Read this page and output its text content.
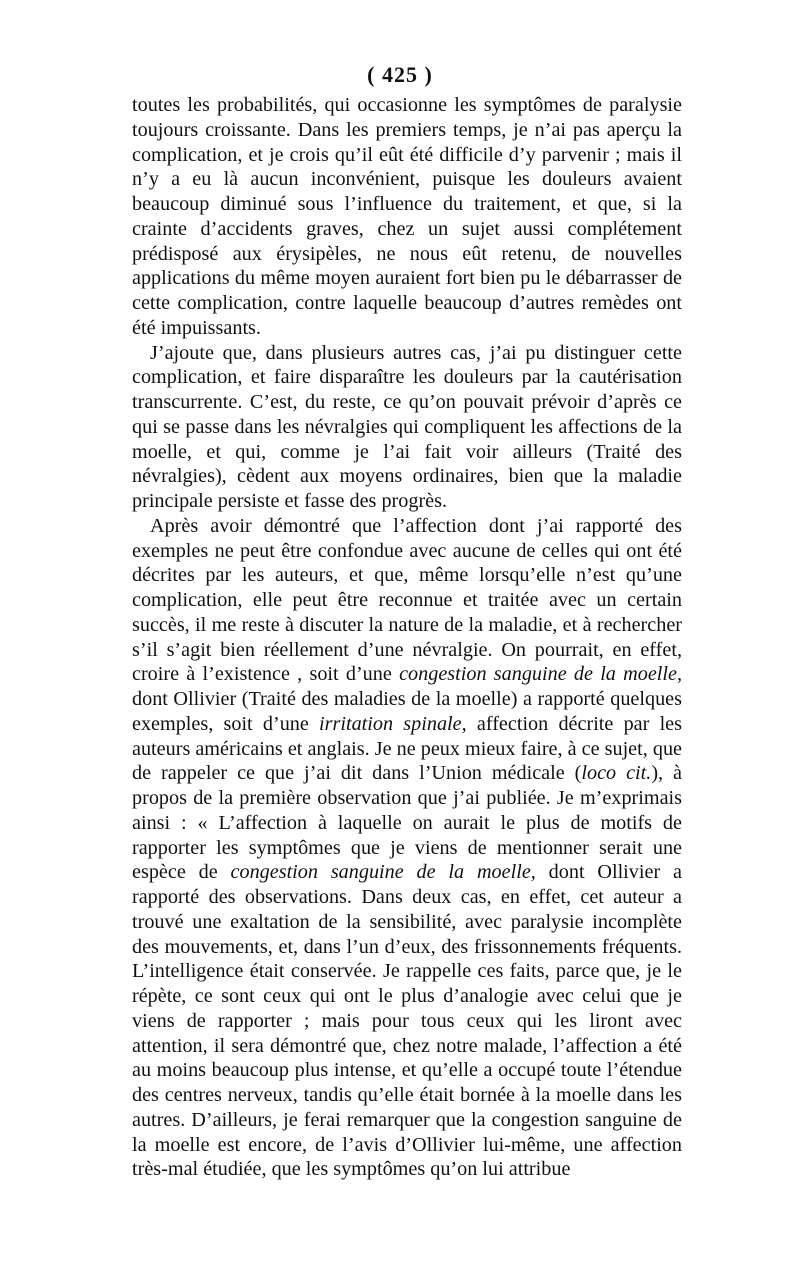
( 425 )

toutes les probabilités, qui occasionne les symptômes de paralysie toujours croissante. Dans les premiers temps, je n’ai pas aperçu la complication, et je crois qu’il eût été difficile d’y parvenir ; mais il n’y a eu là aucun inconvénient, puisque les douleurs avaient beaucoup diminué sous l’influence du traitement, et que, si la crainte d’accidents graves, chez un sujet aussi complétement prédisposé aux érysipèles, ne nous eût retenu, de nouvelles applications du même moyen auraient fort bien pu le débarrasser de cette complication, contre laquelle beaucoup d’autres remèdes ont été impuissants.

J’ajoute que, dans plusieurs autres cas, j’ai pu distinguer cette complication, et faire disparaître les douleurs par la cautérisation transcurrente. C’est, du reste, ce qu’on pouvait prévoir d’après ce qui se passe dans les névralgies qui compliquent les affections de la moelle, et qui, comme je l’ai fait voir ailleurs (Traité des névralgies), cèdent aux moyens ordinaires, bien que la maladie principale persiste et fasse des progrès.

Après avoir démontré que l’affection dont j’ai rapporté des exemples ne peut être confondue avec aucune de celles qui ont été décrites par les auteurs, et que, même lorsqu’elle n’est qu’une complication, elle peut être reconnue et traitée avec un certain succès, il me reste à discuter la nature de la maladie, et à rechercher s’il s’agit bien réellement d’une névralgie. On pourrait, en effet, croire à l’existence , soit d’une congestion sanguine de la moelle, dont Ollivier (Traité des maladies de la moelle) a rapporté quelques exemples, soit d’une irritation spinale, affection décrite par les auteurs américains et anglais. Je ne peux mieux faire, à ce sujet, que de rappeler ce que j’ai dit dans l’Union médicale (loco cit.), à propos de la première observation que j’ai publiée. Je m’exprimais ainsi : « L’affection à laquelle on aurait le plus de motifs de rapporter les symptômes que je viens de mentionner serait une espèce de congestion sanguine de la moelle, dont Ollivier a rapporté des observations. Dans deux cas, en effet, cet auteur a trouvé une exaltation de la sensibilité, avec paralysie incomplète des mouvements, et, dans l’un d’eux, des frissonnements fréquents. L’intelligence était conservée. Je rappelle ces faits, parce que, je le répète, ce sont ceux qui ont le plus d’analogie avec celui que je viens de rapporter ; mais pour tous ceux qui les liront avec attention, il sera démontré que, chez notre malade, l’affection a été au moins beaucoup plus intense, et qu’elle a occupé toute l’étendue des centres nerveux, tandis qu’elle était bornée à la moelle dans les autres. D’ailleurs, je ferai remarquer que la congestion sanguine de la moelle est encore, de l’avis d’Ollivier lui-même, une affection très-mal étudiée, que les symptômes qu’on lui attribue
